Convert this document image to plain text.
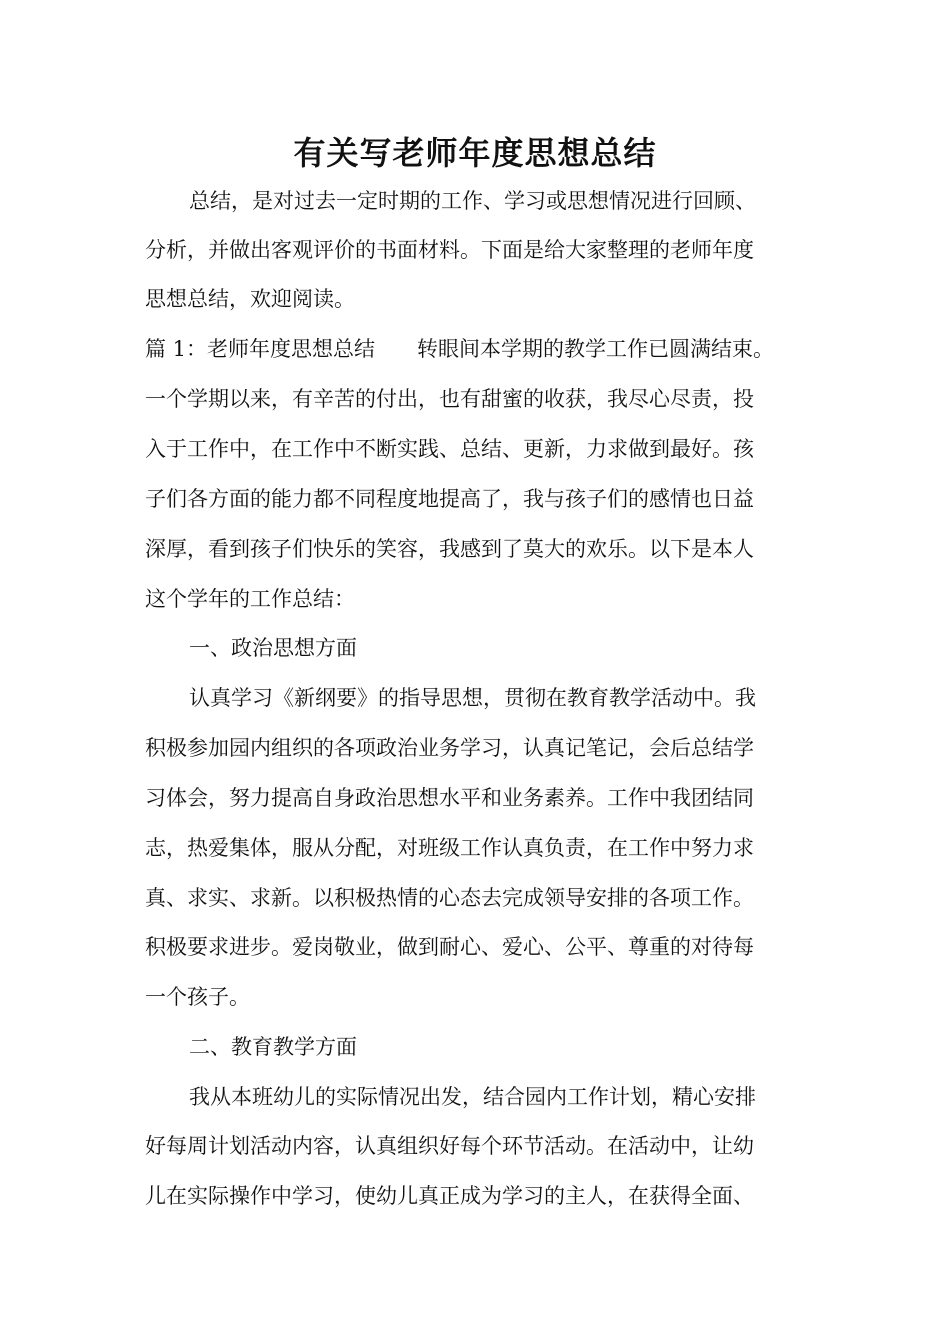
有关写老师年度思想总结

总结，是对过去一定时期的工作、学习或思想情况进行回顾、

分析，并做出客观评价的书面材料。下面是给大家整理的老师年度

思想总结，欢迎阅读。

篇 1：老师年度思想总结　　转眼间本学期的教学工作已圆满结束。

一个学期以来，有辛苦的付出，也有甜蜜的收获，我尽心尽责，投

入于工作中，在工作中不断实践、总结、更新，力求做到最好。孩

子们各方面的能力都不同程度地提高了，我与孩子们的感情也日益

深厚，看到孩子们快乐的笑容，我感到了莫大的欢乐。以下是本人

这个学年的工作总结：

一、政治思想方面

认真学习《新纲要》的指导思想，贯彻在教育教学活动中。我

积极参加园内组织的各项政治业务学习，认真记笔记，会后总结学

习体会，努力提高自身政治思想水平和业务素养。工作中我团结同

志，热爱集体，服从分配，对班级工作认真负责，在工作中努力求

真、求实、求新。以积极热情的心态去完成领导安排的各项工作。

积极要求进步。爱岗敬业，做到耐心、爱心、公平、尊重的对待每

一个孩子。

二、教育教学方面

我从本班幼儿的实际情况出发，结合园内工作计划，精心安排

好每周计划活动内容，认真组织好每个环节活动。在活动中，让幼

儿在实际操作中学习，使幼儿真正成为学习的主人，在获得全面、
